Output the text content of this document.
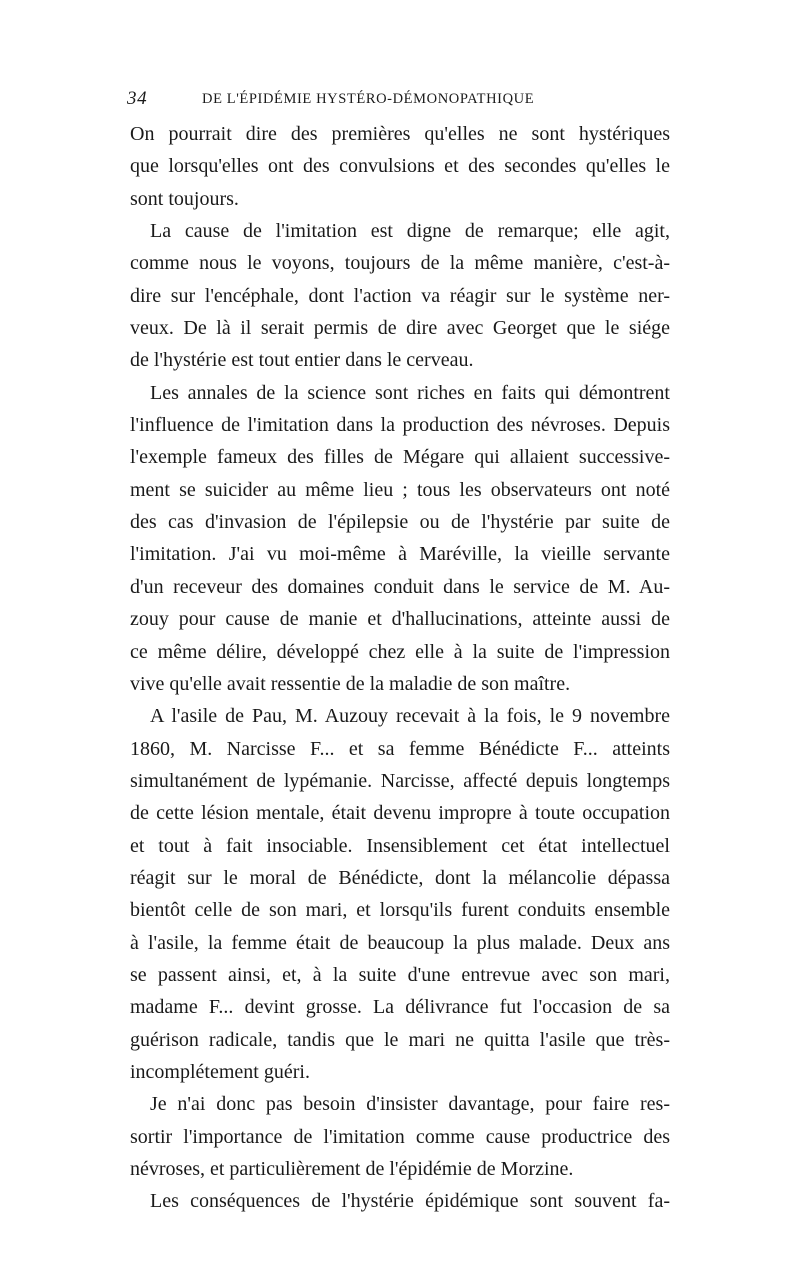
34	DE L'ÉPIDÉMIE HYSTÉRO-DÉMONOPATHIQUE
On pourrait dire des premières qu'elles ne sont hystériques
que lorsqu'elles ont des convulsions et des secondes qu'elles le
sont toujours.
La cause de l'imitation est digne de remarque; elle agit,
comme nous le voyons, toujours de la même manière, c'est-à-
dire sur l'encéphale, dont l'action va réagir sur le système ner-
veux. De là il serait permis de dire avec Georget que le siége
de l'hystérie est tout entier dans le cerveau.
Les annales de la science sont riches en faits qui démontrent
l'influence de l'imitation dans la production des névroses. Depuis
l'exemple fameux des filles de Mégare qui allaient successive-
ment se suicider au même lieu ; tous les observateurs ont noté
des cas d'invasion de l'épilepsie ou de l'hystérie par suite de
l'imitation. J'ai vu moi-même à Maréville, la vieille servante
d'un receveur des domaines conduit dans le service de M. Au-
zouy pour cause de manie et d'hallucinations, atteinte aussi de
ce même délire, développé chez elle à la suite de l'impression
vive qu'elle avait ressentie de la maladie de son maître.
A l'asile de Pau, M. Auzouy recevait à la fois, le 9 novembre
1860, M. Narcisse F... et sa femme Bénédicte F... atteints
simultanément de lypémanie. Narcisse, affecté depuis longtemps
de cette lésion mentale, était devenu impropre à toute occupation
et tout à fait insociable. Insensiblement cet état intellectuel
réagit sur le moral de Bénédicte, dont la mélancolie dépassa
bientôt celle de son mari, et lorsqu'ils furent conduits ensemble
à l'asile, la femme était de beaucoup la plus malade. Deux ans
se passent ainsi, et, à la suite d'une entrevue avec son mari,
madame F... devint grosse. La délivrance fut l'occasion de sa
guérison radicale, tandis que le mari ne quitta l'asile que très-
incomplétement guéri.
Je n'ai donc pas besoin d'insister davantage, pour faire res-
sortir l'importance de l'imitation comme cause productrice des
névroses, et particulièrement de l'épidémie de Morzine.
Les conséquences de l'hystérie épidémique sont souvent fa-
